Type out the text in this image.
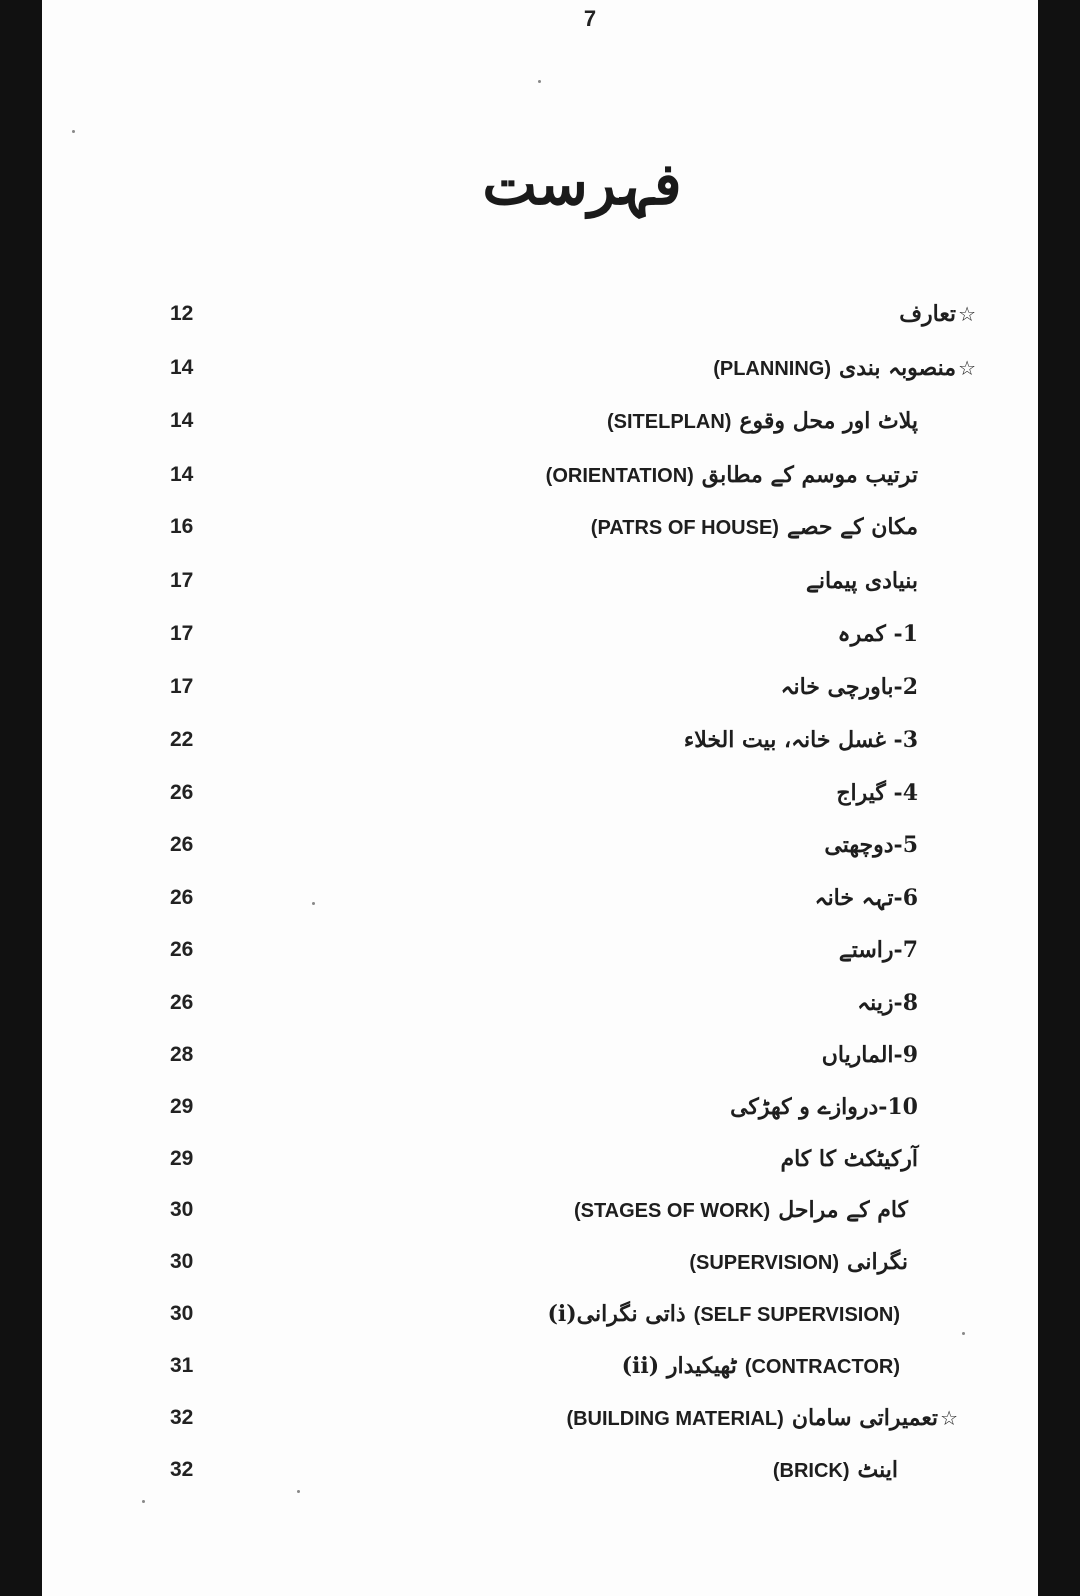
7
فہرست
12	☆تعارف
14	☆منصوبہ بندی(PLANNING)
14	پلاٹ اور محل وقوع(SITELPLAN)
14	ترتیب موسم کے مطابق(ORIENTATION)
16	مکان کے حصے(PATRS OF HOUSE)
17	بنیادی پیمانے
17	1- کمرہ
17	2-باورچی خانہ
22	3- غسل خانہ، بیت الخلاء
26	4- گیراج
26	5-دوچھتی
26	6-تہہ خانہ
26	7-راستے
26	8-زینہ
28	9-الماریاں
29	10-دروازے و کھڑکی
29	آرکیٹکٹ کا کام
30	کام کے مراحل(STAGES OF WORK)
30	نگرانی(SUPERVISION)
30	(i)ذاتی نگرانی (SELF SUPERVISION)
31	(ii) ٹھیکیدار (CONTRACTOR)
32	☆تعمیراتی سامان(BUILDING MATERIAL)
32	اینٹ(BRICK)
